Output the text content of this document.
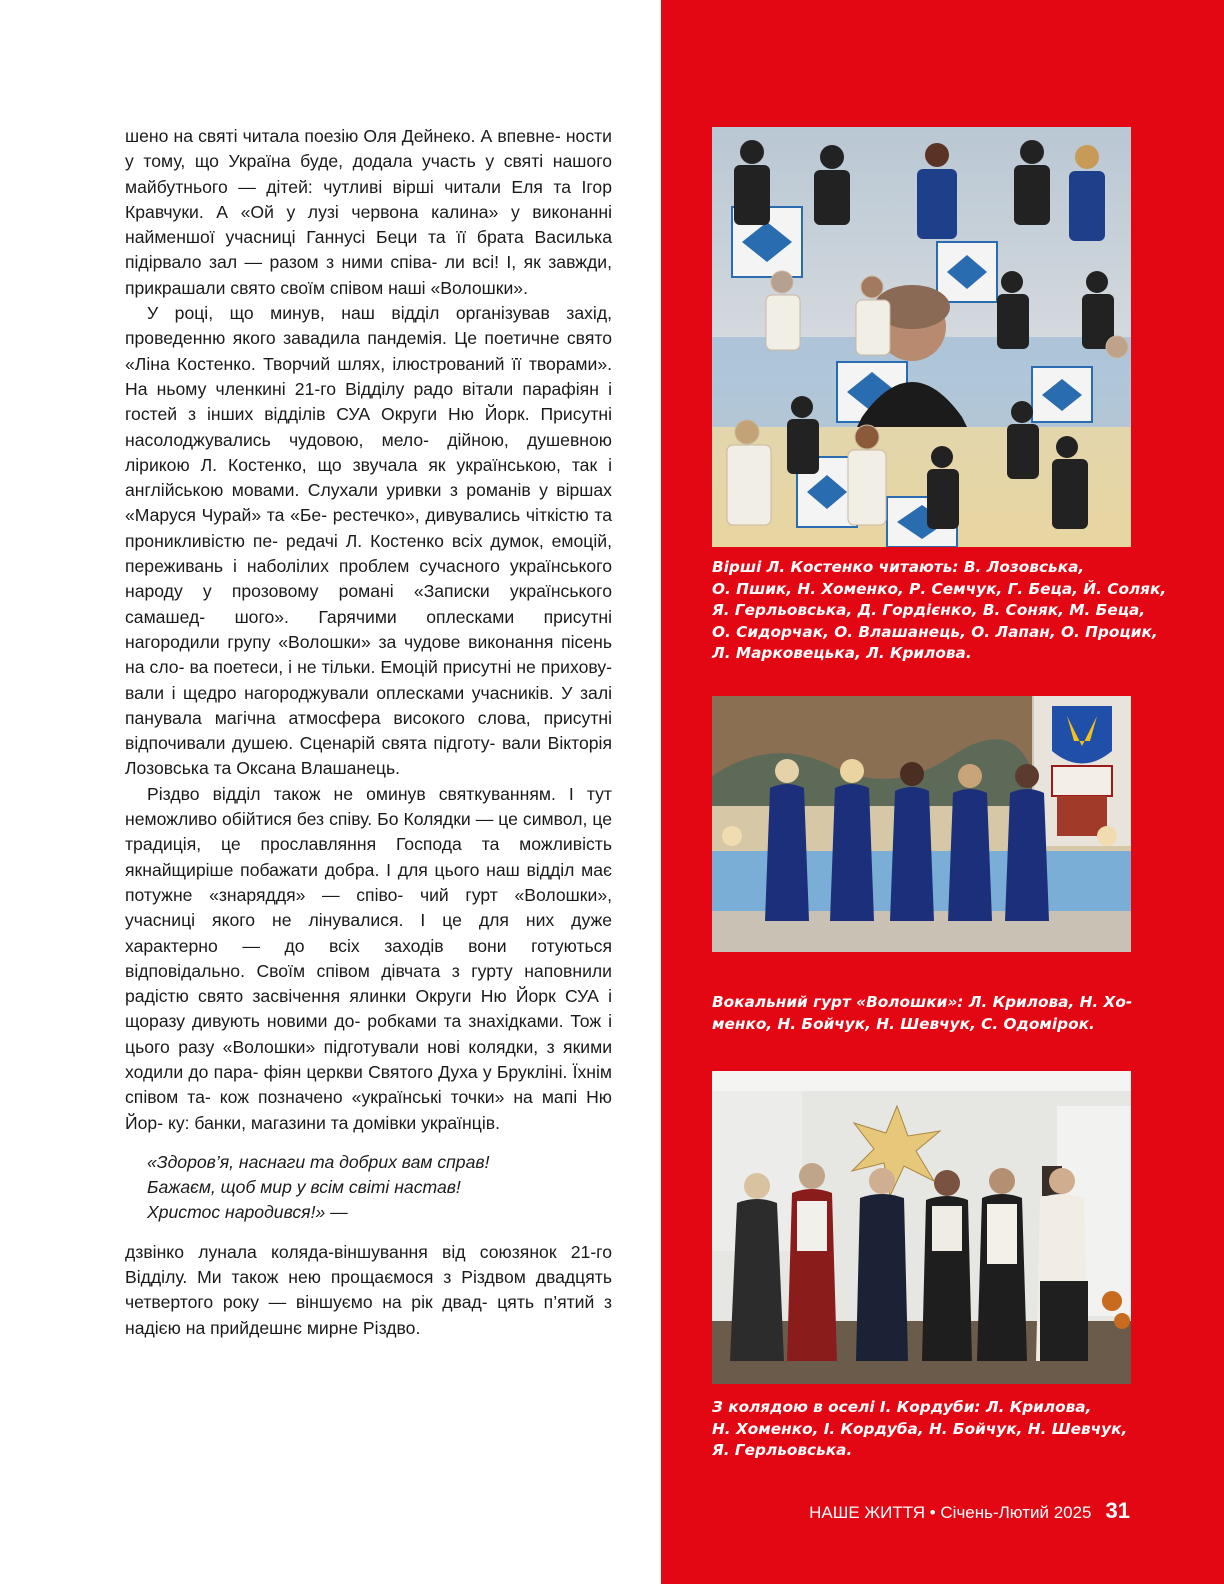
шено на святі читала поезію Оля Дейнеко. А впевне- ности у тому, що Україна буде, додала участь у святі нашого майбутнього — дітей: чутливі вірші читали Еля та Ігор Кравчуки. А «Ой у лузі червона калина» у виконанні найменшої учасниці Ганнусі Беци та її брата Василька підірвало зал — разом з ними співа- ли всі! І, як завжди, прикрашали свято своїм співом наші «Волошки».

У році, що минув, наш відділ організував захід, проведенню якого завадила пандемія. Це поетичне свято «Ліна Костенко. Творчий шлях, ілюстрований її творами». На ньому членкині 21-го Відділу радо вітали парафіян і гостей з інших відділів СУА Округи Ню Йорк. Присутні насолоджувались чудовою, мело- дійною, душевною лірикою Л. Костенко, що звучала як українською, так і англійською мовами. Слухали уривки з романів у віршах «Маруся Чурай» та «Бе- рестечко», дивувались чіткістю та проникливістю пе- редачі Л. Костенко всіх думок, емоцій, переживань і наболілих проблем сучасного українського народу у прозовому романі «Записки українського самашед- шого». Гарячими оплесками присутні нагородили групу «Волошки» за чудове виконання пісень на сло- ва поетеси, і не тільки. Емоцій присутні не прихову- вали і щедро нагороджували оплесками учасників. У залі панувала магічна атмосфера високого слова, присутні відпочивали душею. Сценарій свята підготу- вали Вікторія Лозовська та Оксана Влашанець.

Різдво відділ також не оминув святкуванням. І тут неможливо обійтися без співу. Бо Колядки — це символ, це традиція, це прославляння Господа та можливість якнайщиріше побажати добра. І для цього наш відділ має потужне «знаряддя» — співо- чий гурт «Волошки», учасниці якого не лінувалися. І це для них дуже характерно — до всіх заходів вони готуються відповідально. Своїм співом дівчата з гурту наповнили радістю свято засвічення ялинки Округи Ню Йорк СУА і щоразу дивують новими до- робками та знахідками. Тож і цього разу «Волошки» підготували нові колядки, з якими ходили до пара- фіян церкви Святого Духа у Брукліні. Їхнім співом та- кож позначено «українські точки» на мапі Ню Йор- ку: банки, магазини та домівки українців.

«Здоров’я, наснаги та добрих вам справ!
Бажаєм, щоб мир у всім світі настав!
Христос народився!» —

дзвінко лунала коляда-віншування від союзянок 21-го Відділу. Ми також нею прощаємося з Різдвом двадцять четвертого року — віншуємо на рік двад- цять п’ятий з надією на прийдешнє мирне Різдво.

Вірші Л. Костенко читають: В. Лозовська,
О. Пшик, Н. Хоменко, Р. Семчук, Г. Беца, Й. Соляк,
Я. Герльовська, Д. Гордієнко, В. Соняк, М. Беца,
О. Сидорчак, О. Влашанець, О. Лапан, О. Процик,
Л. Марковецька, Л. Крилова.
Вокальний гурт «Волошки»: Л. Крилова, Н. Хо-
менко, Н. Бойчук, Н. Шевчук, С. Одомірок.
З колядою в оселі І. Кордуби: Л. Крилова,
Н. Хоменко, І. Кордуба, Н. Бойчук, Н. Шевчук,
Я. Герльовська.
НАШЕ ЖИТТЯ • Січень-Лютий 2025 31
